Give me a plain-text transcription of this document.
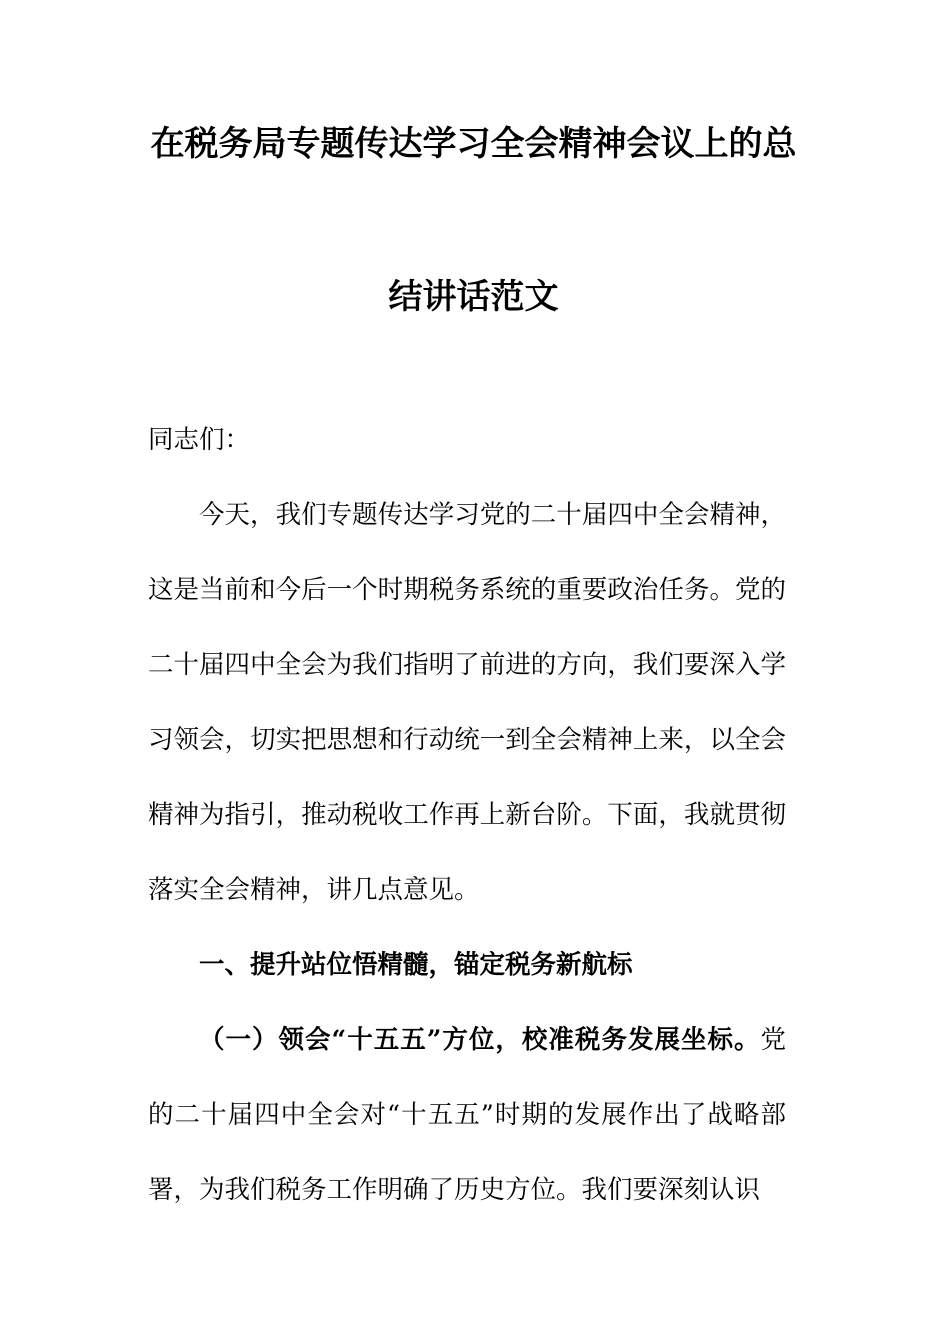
在税务局专题传达学习全会精神会议上的总结讲话范文

同志们：

今天，我们专题传达学习党的二十届四中全会精神，这是当前和今后一个时期税务系统的重要政治任务。党的二十届四中全会为我们指明了前进的方向，我们要深入学习领会，切实把思想和行动统一到全会精神上来，以全会精神为指引，推动税收工作再上新台阶。下面，我就贯彻落实全会精神，讲几点意见。

一、提升站位悟精髓，锚定税务新航标

（一）领会“十五五”方位，校准税务发展坐标。党的二十届四中全会对“十五五”时期的发展作出了战略部署，为我们税务工作明确了历史方位。我们要深刻认识
